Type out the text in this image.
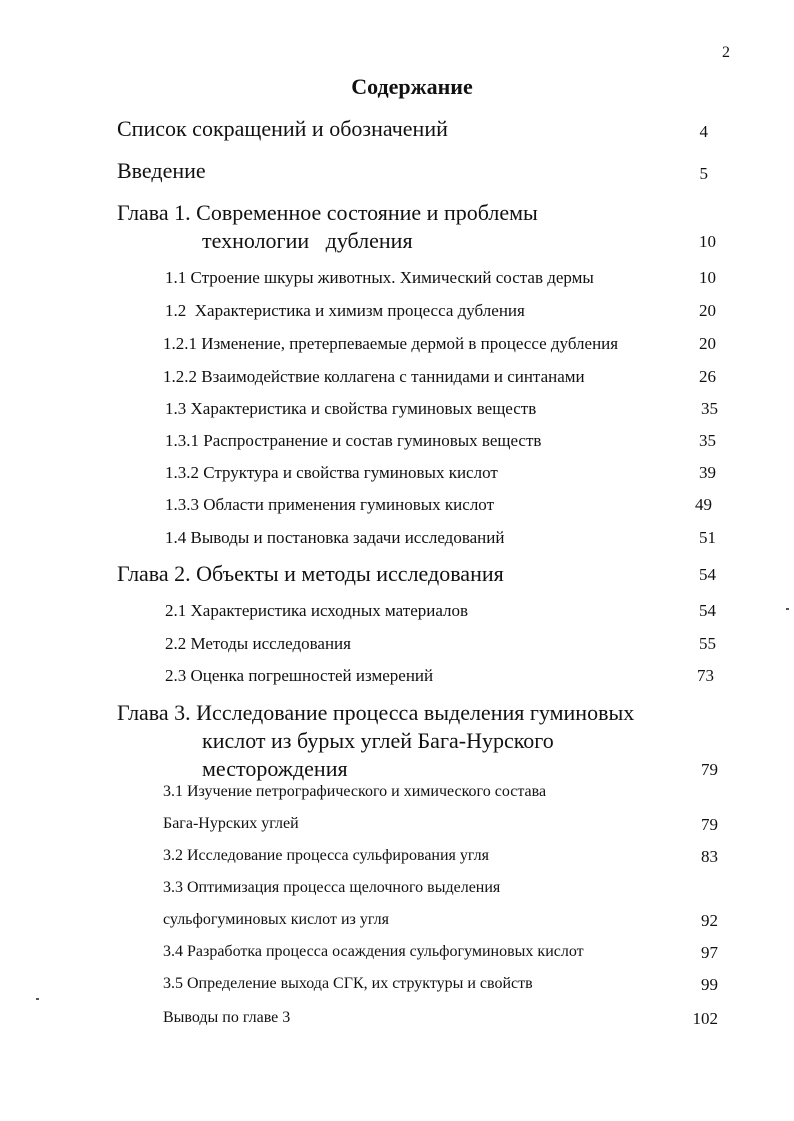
2
Содержание
Список сокращений и обозначений	4
Введение	5
Глава 1. Современное состояние и проблемы
технологии   дубления	10
1.1 Строение шкуры животных. Химический состав дермы	10
1.2  Характеристика и химизм процесса дубления	20
1.2.1 Изменение, претерпеваемые дермой в процессе дубления	20
1.2.2 Взаимодействие коллагена с таннидами и синтанами	26
1.3 Характеристика и свойства гуминовых веществ	35
1.3.1 Распространение и состав гуминовых веществ	35
1.3.2 Структура и свойства гуминовых кислот	39
1.3.3 Области применения гуминовых кислот	49
1.4 Выводы и постановка задачи исследований	51
Глава 2. Объекты и методы исследования	54
2.1 Характеристика исходных материалов	54
2.2 Методы исследования	55
2.3 Оценка погрешностей измерений	73
Глава 3. Исследование процесса выделения гуминовых
кислот из бурых углей Бага-Нурского
месторождения	79
3.1 Изучение петрографического и химического состава
Бага-Нурских углей	79
3.2 Исследование процесса сульфирования угля	83
3.3 Оптимизация процесса щелочного выделения
сульфогуминовых кислот из угля	92
3.4 Разработка процесса осаждения сульфогуминовых кислот	97
3.5 Определение выхода СГК, их структуры и свойств	99
Выводы по главе 3	102
